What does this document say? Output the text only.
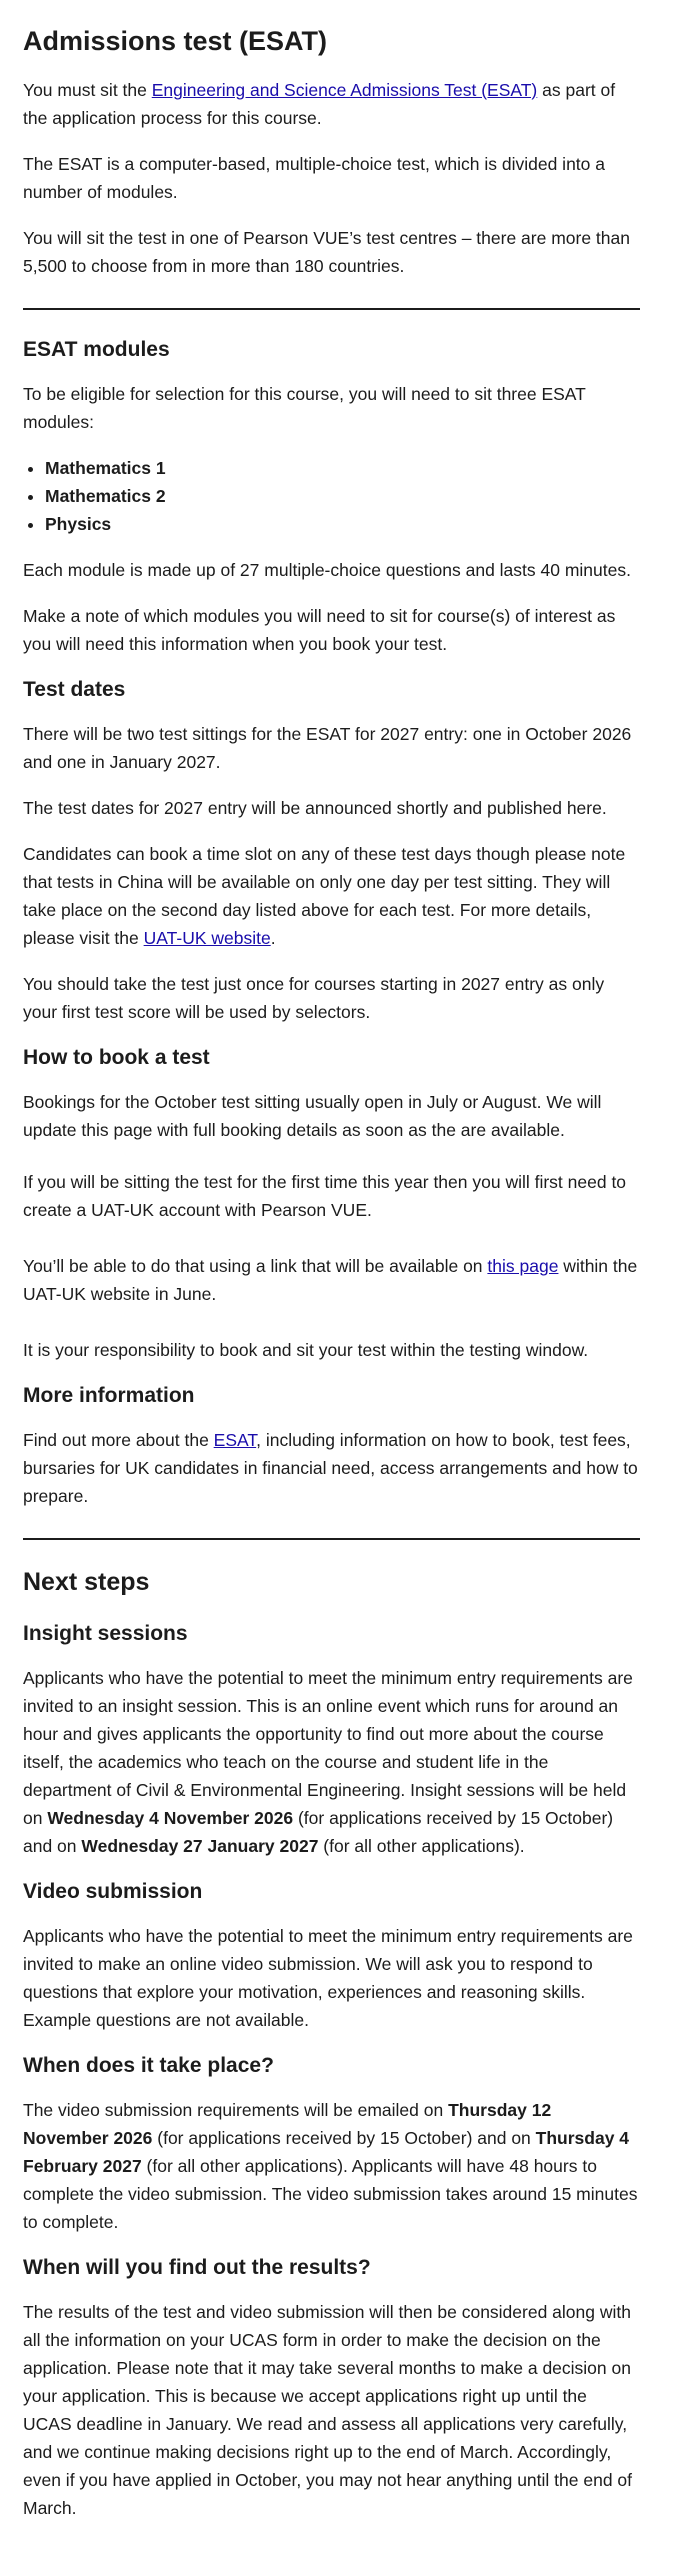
Admissions test (ESAT)

You must sit the Engineering and Science Admissions Test (ESAT) as part of the application process for this course.

The ESAT is a computer-based, multiple-choice test, which is divided into a number of modules.

You will sit the test in one of Pearson VUE’s test centres – there are more than 5,500 to choose from in more than 180 countries.

ESAT modules

To be eligible for selection for this course, you will need to sit three ESAT modules:

• Mathematics 1
• Mathematics 2
• Physics

Each module is made up of 27 multiple-choice questions and lasts 40 minutes.

Make a note of which modules you will need to sit for course(s) of interest as you will need this information when you book your test.

Test dates

There will be two test sittings for the ESAT for 2027 entry: one in October 2026 and one in January 2027.

The test dates for 2027 entry will be announced shortly and published here.

Candidates can book a time slot on any of these test days though please note that tests in China will be available on only one day per test sitting. They will take place on the second day listed above for each test. For more details, please visit the UAT-UK website.

You should take the test just once for courses starting in 2027 entry as only your first test score will be used by selectors.

How to book a test

Bookings for the October test sitting usually open in July or August. We will update this page with full booking details as soon as the are available.

If you will be sitting the test for the first time this year then you will first need to create a UAT-UK account with Pearson VUE.

You’ll be able to do that using a link that will be available on this page within the UAT-UK website in June.

It is your responsibility to book and sit your test within the testing window.

More information

Find out more about the ESAT, including information on how to book, test fees, bursaries for UK candidates in financial need, access arrangements and how to prepare.

Next steps
Insight sessions

Applicants who have the potential to meet the minimum entry requirements are invited to an insight session. This is an online event which runs for around an hour and gives applicants the opportunity to find out more about the course itself, the academics who teach on the course and student life in the department of Civil & Environmental Engineering. Insight sessions will be held on Wednesday 4 November 2026 (for applications received by 15 October) and on Wednesday 27 January 2027 (for all other applications).

Video submission

Applicants who have the potential to meet the minimum entry requirements are invited to make an online video submission. We will ask you to respond to questions that explore your motivation, experiences and reasoning skills. Example questions are not available.

When does it take place?

The video submission requirements will be emailed on Thursday 12 November 2026 (for applications received by 15 October) and on Thursday 4 February 2027 (for all other applications). Applicants will have 48 hours to complete the video submission. The video submission takes around 15 minutes to complete.

When will you find out the results?

The results of the test and video submission will then be considered along with all the information on your UCAS form in order to make the decision on the application. Please note that it may take several months to make a decision on your application. This is because we accept applications right up until the UCAS deadline in January. We read and assess all applications very carefully, and we continue making decisions right up to the end of March. Accordingly, even if you have applied in October, you may not hear anything until the end of March.
